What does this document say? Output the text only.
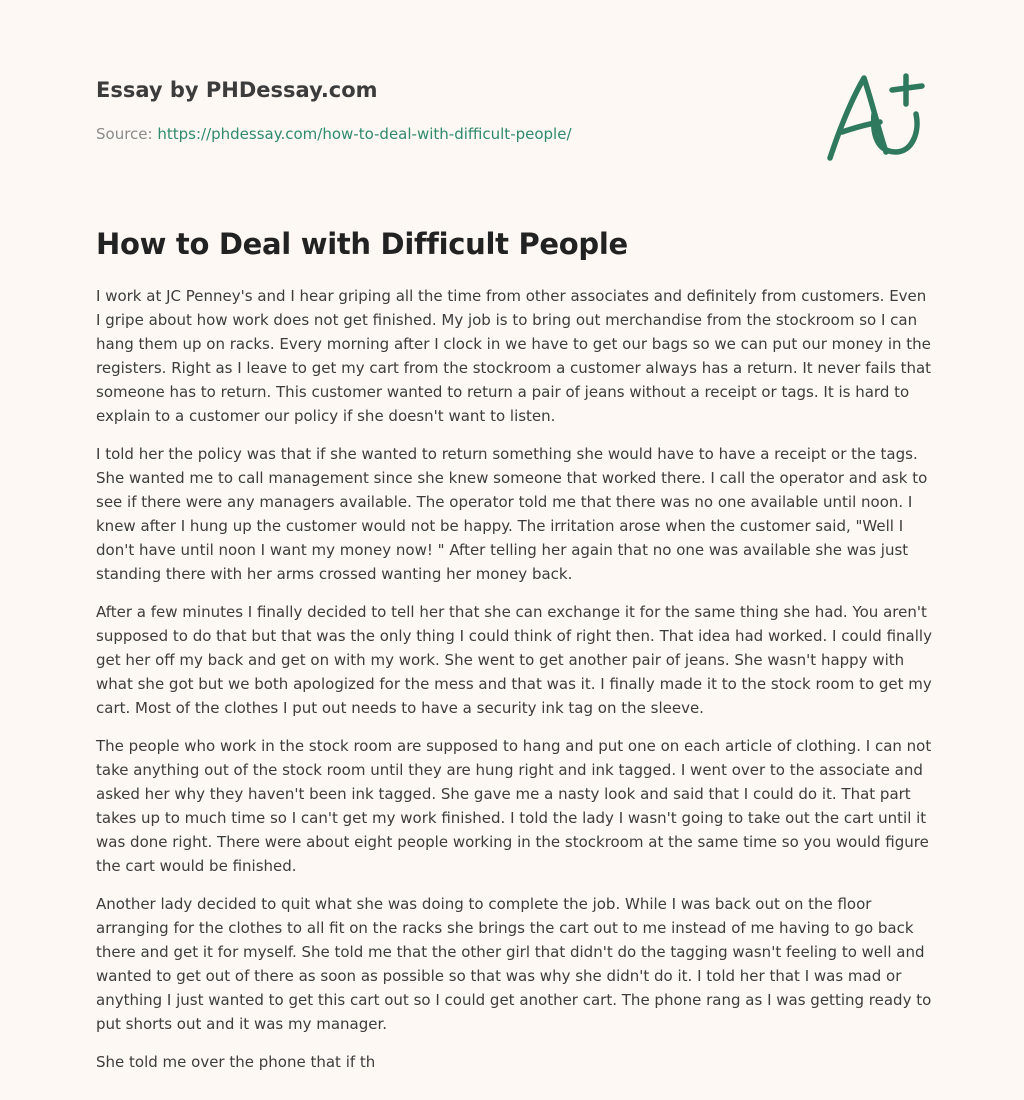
Essay by PHDessay.com
Source: https://phdessay.com/how-to-deal-with-difficult-people/
How to Deal with Difficult People

I work at JC Penney's and I hear griping all the time from other associates and definitely from customers. Even I gripe about how work does not get finished. My job is to bring out merchandise from the stockroom so I can hang them up on racks. Every morning after I clock in we have to get our bags so we can put our money in the registers. Right as I leave to get my cart from the stockroom a customer always has a return. It never fails that someone has to return. This customer wanted to return a pair of jeans without a receipt or tags. It is hard to explain to a customer our policy if she doesn't want to listen.

I told her the policy was that if she wanted to return something she would have to have a receipt or the tags. She wanted me to call management since she knew someone that worked there. I call the operator and ask to see if there were any managers available. The operator told me that there was no one available until noon. I knew after I hung up the customer would not be happy. The irritation arose when the customer said, "Well I don't have until noon I want my money now! " After telling her again that no one was available she was just standing there with her arms crossed wanting her money back.

After a few minutes I finally decided to tell her that she can exchange it for the same thing she had. You aren't supposed to do that but that was the only thing I could think of right then. That idea had worked. I could finally get her off my back and get on with my work. She went to get another pair of jeans. She wasn't happy with what she got but we both apologized for the mess and that was it. I finally made it to the stock room to get my cart. Most of the clothes I put out needs to have a security ink tag on the sleeve.

The people who work in the stock room are supposed to hang and put one on each article of clothing. I can not take anything out of the stock room until they are hung right and ink tagged. I went over to the associate and asked her why they haven't been ink tagged. She gave me a nasty look and said that I could do it. That part takes up to much time so I can't get my work finished. I told the lady I wasn't going to take out the cart until it was done right. There were about eight people working in the stockroom at the same time so you would figure the cart would be finished.

Another lady decided to quit what she was doing to complete the job. While I was back out on the floor arranging for the clothes to all fit on the racks she brings the cart out to me instead of me having to go back there and get it for myself. She told me that the other girl that didn't do the tagging wasn't feeling to well and wanted to get out of there as soon as possible so that was why she didn't do it. I told her that I was mad or anything I just wanted to get this cart out so I could get another cart. The phone rang as I was getting ready to put shorts out and it was my manager.

She told me over the phone that if th
